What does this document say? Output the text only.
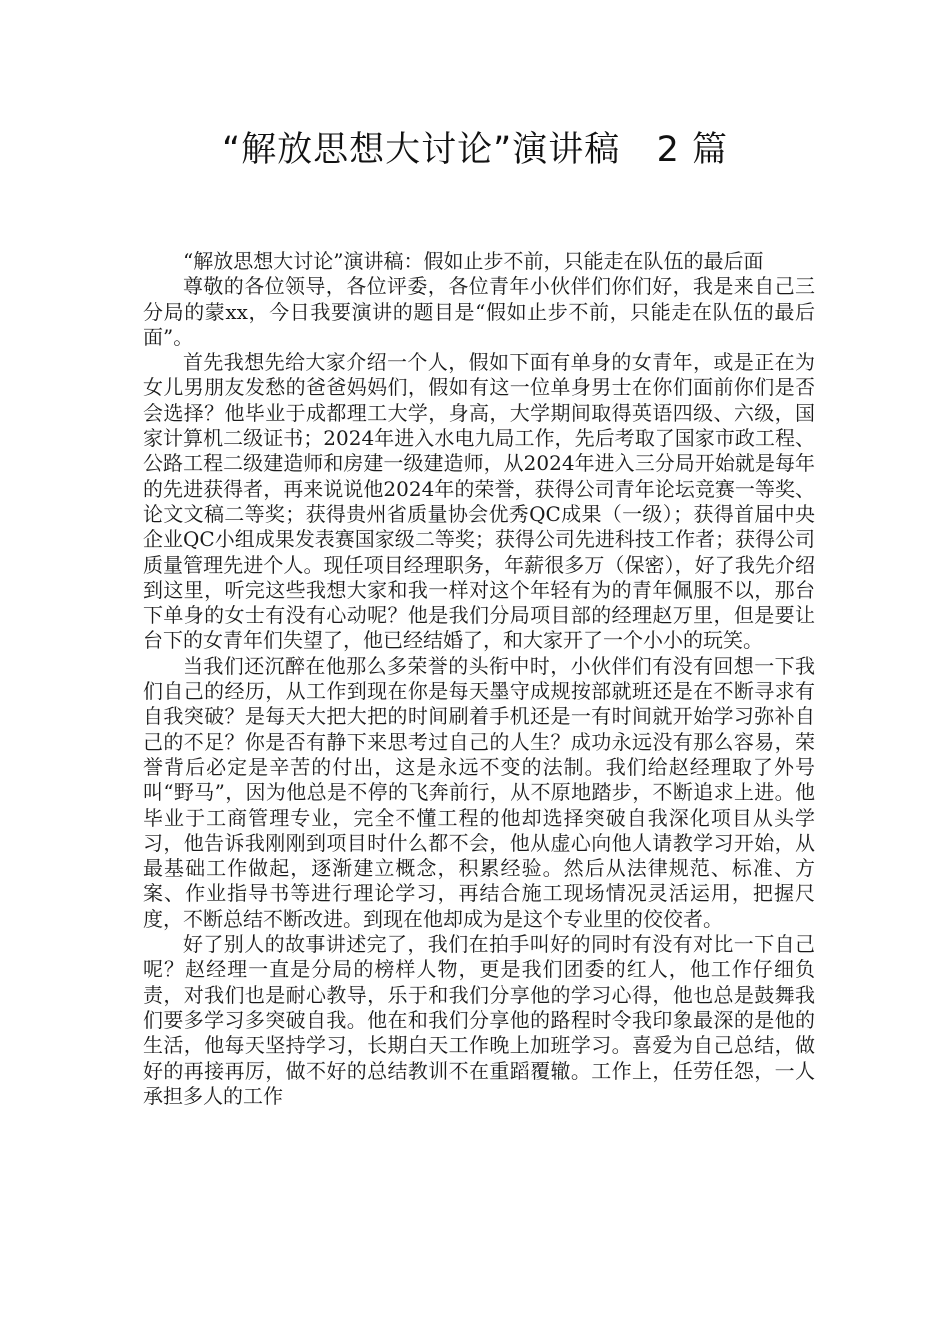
“解放思想大讨论”演讲稿   2 篇

“解放思想大讨论”演讲稿：假如止步不前，只能走在队伍的最后面

尊敬的各位领导，各位评委，各位青年小伙伴们你们好，我是来自己三分局的蒙xx，今日我要演讲的题目是“假如止步不前，只能走在队伍的最后面”。

首先我想先给大家介绍一个人，假如下面有单身的女青年，或是正在为女儿男朋友发愁的爸爸妈妈们，假如有这一位单身男士在你们面前你们是否会选择？他毕业于成都理工大学，身高，大学期间取得英语四级、六级，国家计算机二级证书；2024年进入水电九局工作，先后考取了国家市政工程、公路工程二级建造师和房建一级建造师，从2024年进入三分局开始就是每年的先进获得者，再来说说他2024年的荣誉，获得公司青年论坛竞赛一等奖、论文文稿二等奖；获得贵州省质量协会优秀QC成果（一级）；获得首届中央企业QC小组成果发表赛国家级二等奖；获得公司先进科技工作者；获得公司质量管理先进个人。现任项目经理职务，年薪很多万（保密），好了我先介绍到这里，听完这些我想大家和我一样对这个年轻有为的青年佩服不以，那台下单身的女士有没有心动呢？他是我们分局项目部的经理赵万里，但是要让台下的女青年们失望了，他已经结婚了，和大家开了一个小小的玩笑。

当我们还沉醉在他那么多荣誉的头衔中时，小伙伴们有没有回想一下我们自己的经历，从工作到现在你是每天墨守成规按部就班还是在不断寻求有自我突破？是每天大把大把的时间刷着手机还是一有时间就开始学习弥补自己的不足？你是否有静下来思考过自己的人生？成功永远没有那么容易，荣誉背后必定是辛苦的付出，这是永远不变的法制。我们给赵经理取了外号叫“野马”，因为他总是不停的飞奔前行，从不原地踏步，不断追求上进。他毕业于工商管理专业，完全不懂工程的他却选择突破自我深化项目从头学习，他告诉我刚刚到项目时什么都不会，他从虚心向他人请教学习开始，从最基础工作做起，逐渐建立概念，积累经验。然后从法律规范、标准、方案、作业指导书等进行理论学习，再结合施工现场情况灵活运用，把握尺度，不断总结不断改进。到现在他却成为是这个专业里的佼佼者。

好了别人的故事讲述完了，我们在拍手叫好的同时有没有对比一下自己呢？赵经理一直是分局的榜样人物，更是我们团委的红人，他工作仔细负责，对我们也是耐心教导，乐于和我们分享他的学习心得，他也总是鼓舞我们要多学习多突破自我。他在和我们分享他的路程时令我印象最深的是他的生活，他每天坚持学习，长期白天工作晚上加班学习。喜爱为自己总结，做好的再接再厉，做不好的总结教训不在重蹈覆辙。工作上，任劳任怨，一人承担多人的工作
